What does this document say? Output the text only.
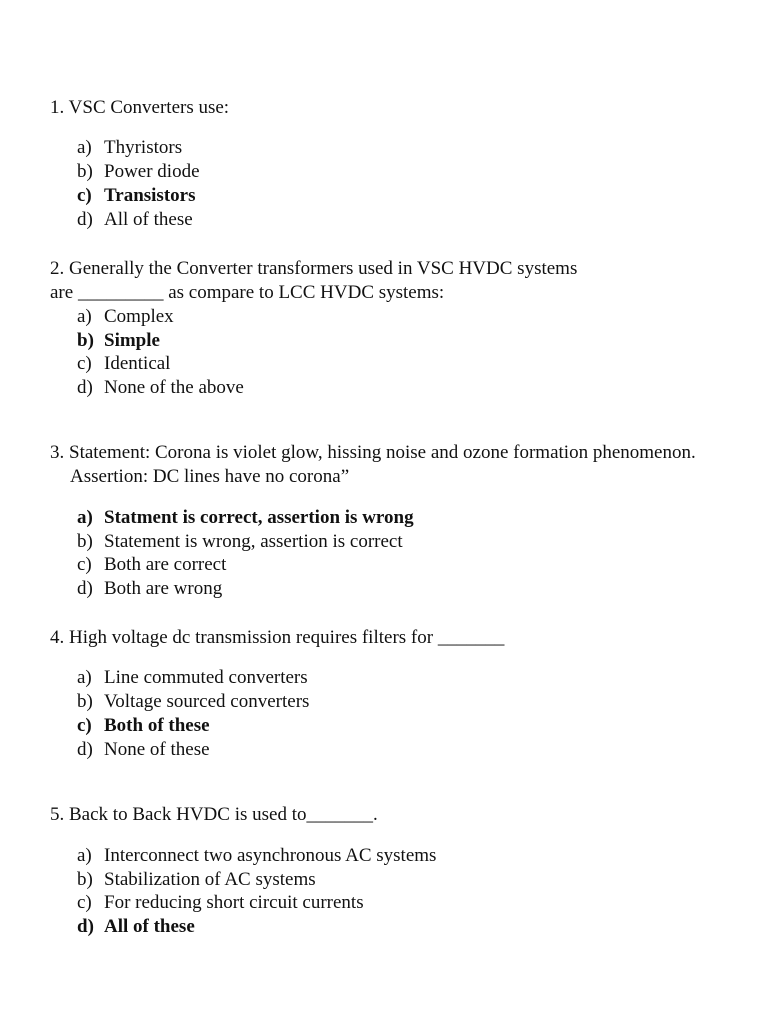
1. VSC Converters use:
a) Thyristors
b) Power diode
c) Transistors
d) All of these
2. Generally the Converter transformers used in VSC HVDC systems
are _________ as compare to LCC HVDC systems:
a) Complex
b) Simple
c) Identical
d) None of the above
3. Statement: Corona is violet glow, hissing noise and ozone formation phenomenon.
Assertion: DC lines have no corona”
a) Statment is correct, assertion is wrong
b) Statement is wrong, assertion is correct
c) Both are correct
d) Both are wrong
4. High voltage dc transmission requires filters for _______
a) Line commuted converters
b) Voltage sourced converters
c) Both of these
d) None of these
5. Back to Back HVDC is used to_______.
a) Interconnect two asynchronous AC systems
b) Stabilization of AC systems
c) For reducing short circuit currents
d) All of these
